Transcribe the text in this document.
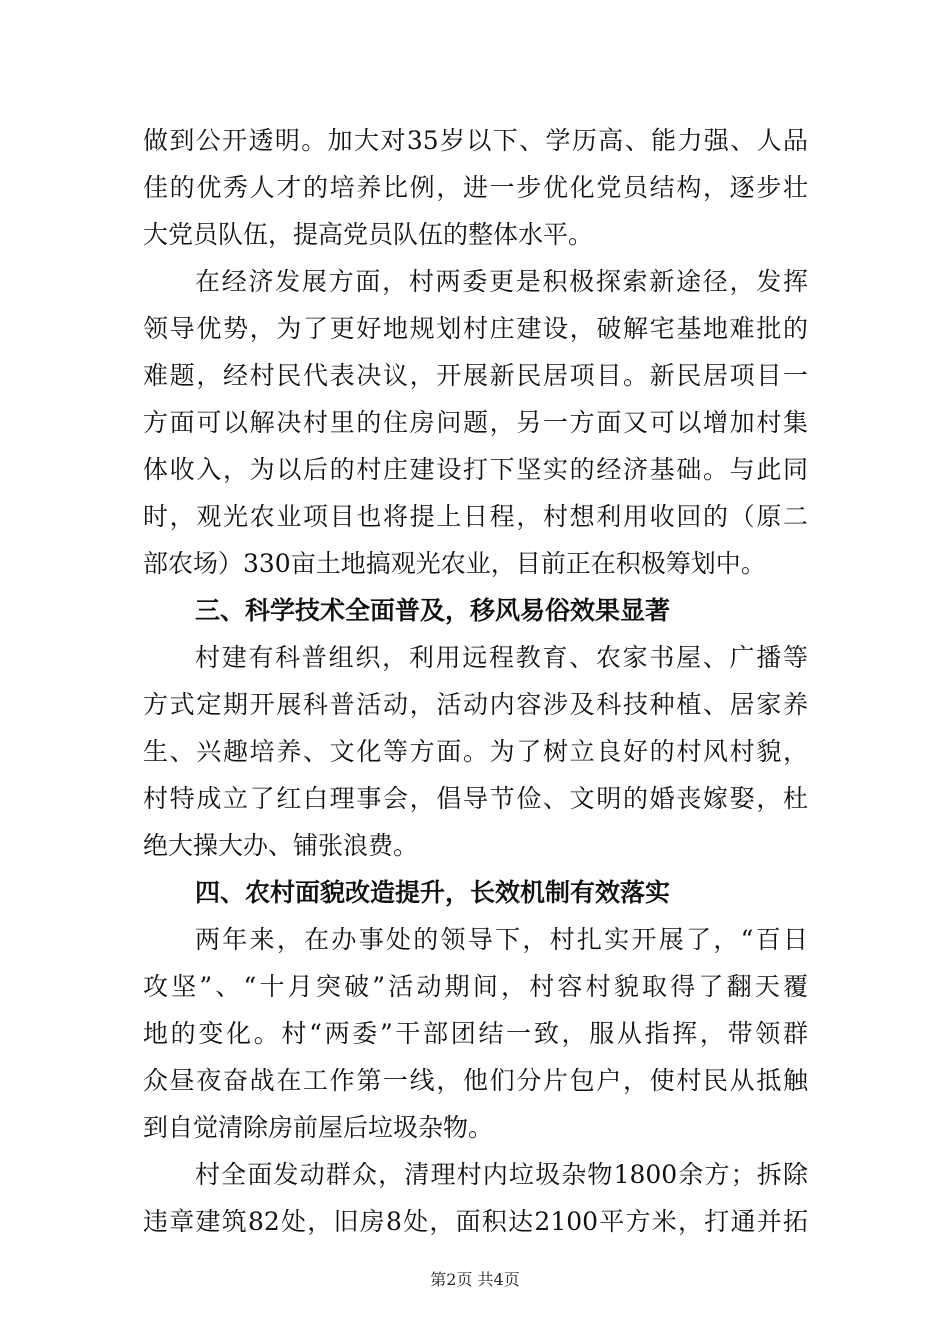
做到公开透明。加大对35岁以下、学历高、能力强、人品
佳的优秀人才的培养比例，进一步优化党员结构，逐步壮
大党员队伍，提高党员队伍的整体水平。
在经济发展方面，村两委更是积极探索新途径，发挥
领导优势，为了更好地规划村庄建设，破解宅基地难批的
难题，经村民代表决议，开展新民居项目。新民居项目一
方面可以解决村里的住房问题，另一方面又可以增加村集
体收入，为以后的村庄建设打下坚实的经济基础。与此同
时，观光农业项目也将提上日程，村想利用收回的（原二
部农场）330亩土地搞观光农业，目前正在积极筹划中。
三、科学技术全面普及，移风易俗效果显著
村建有科普组织，利用远程教育、农家书屋、广播等
方式定期开展科普活动，活动内容涉及科技种植、居家养
生、兴趣培养、文化等方面。为了树立良好的村风村貌，
村特成立了红白理事会，倡导节俭、文明的婚丧嫁娶，杜
绝大操大办、铺张浪费。
四、农村面貌改造提升，长效机制有效落实
两年来，在办事处的领导下，村扎实开展了，“百日
攻坚”、“十月突破”活动期间，村容村貌取得了翻天覆
地的变化。村“两委”干部团结一致，服从指挥，带领群
众昼夜奋战在工作第一线，他们分片包户，使村民从抵触
到自觉清除房前屋后垃圾杂物。
村全面发动群众，清理村内垃圾杂物1800余方；拆除
违章建筑82处，旧房8处，面积达2100平方米，打通并拓
第2页 共4页
